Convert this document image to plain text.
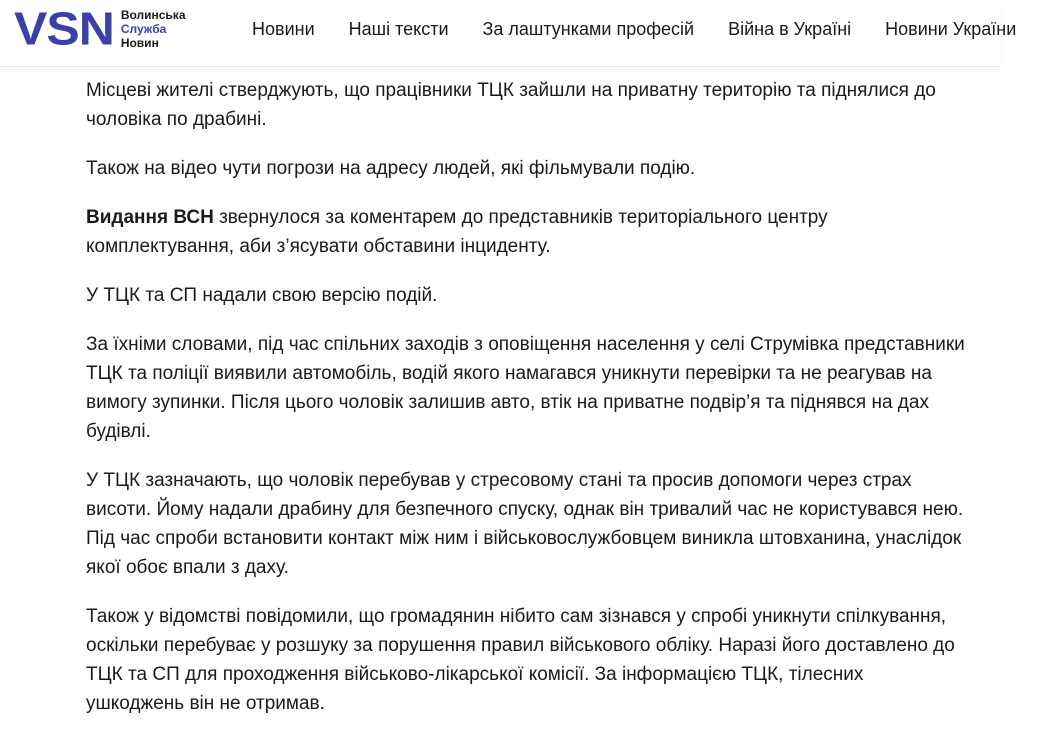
VSN Волинська
Служба
Новин
Новини Наші тексти За лаштунками професій Війна в Україні Новини України

Місцеві жителі стверджують, що працівники ТЦК зайшли на приватну територію та піднялися до чоловіка по драбині.

Також на відео чути погрози на адресу людей, які фільмували подію.

Видання ВСН звернулося за коментарем до представників територіального центру комплектування, аби з’ясувати обставини інциденту.

У ТЦК та СП надали свою версію подій.

За їхніми словами, під час спільних заходів з оповіщення населення у селі Струмівка представники ТЦК та поліції виявили автомобіль, водій якого намагався уникнути перевірки та не реагував на вимогу зупинки. Після цього чоловік залишив авто, втік на приватне подвір’я та піднявся на дах будівлі.

У ТЦК зазначають, що чоловік перебував у стресовому стані та просив допомоги через страх висоти. Йому надали драбину для безпечного спуску, однак він тривалий час не користувався нею. Під час спроби встановити контакт між ним і військовослужбовцем виникла штовханина, унаслідок якої обоє впали з даху.

Також у відомстві повідомили, що громадянин нібито сам зізнався у спробі уникнути спілкування, оскільки перебуває у розшуку за порушення правил військового обліку. Наразі його доставлено до ТЦК та СП для проходження військово-лікарської комісії. За інформацією ТЦК, тілесних ушкоджень він не отримав.
